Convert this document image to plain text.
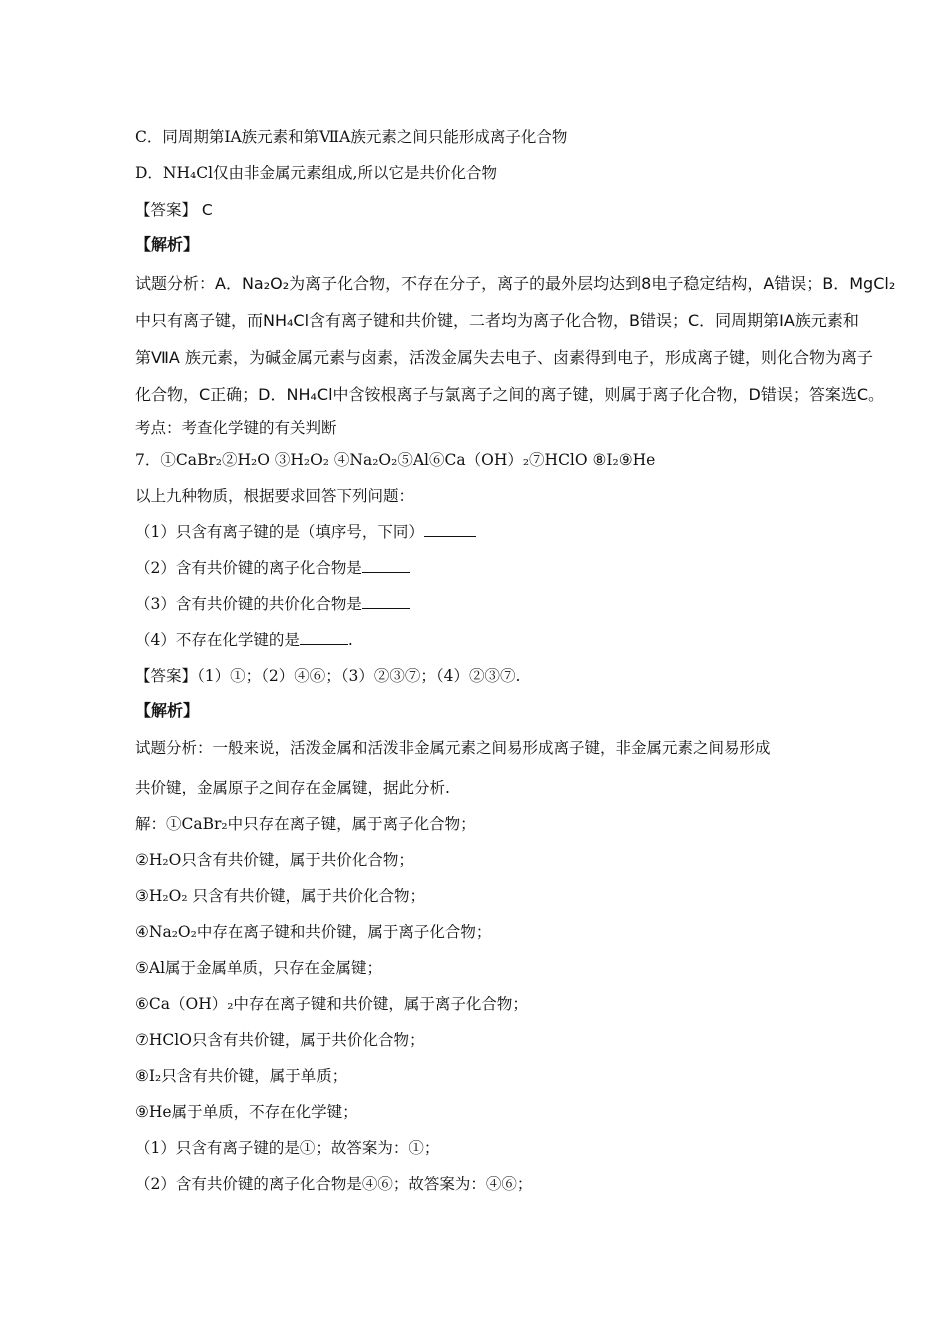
C．同周期第ⅠA族元素和第ⅦA族元素之间只能形成离子化合物
D．NH₄Cl仅由非金属元素组成,所以它是共价化合物
【答案】 C
【解析】
试题分析：A．Na₂O₂为离子化合物，不存在分子，离子的最外层均达到8电子稳定结构，A错误；B．MgCl₂
中只有离子键，而NH₄Cl含有离子键和共价键，二者均为离子化合物，B错误；C．同周期第ⅠA族元素和
第ⅦA 族元素，为碱金属元素与卤素，活泼金属失去电子、卤素得到电子，形成离子键，则化合物为离子
化合物，C正确；D．NH₄Cl中含铵根离子与氯离子之间的离子键，则属于离子化合物，D错误；答案选C。
考点：考查化学键的有关判断
7．①CaBr₂②H₂O ③H₂O₂ ④Na₂O₂⑤Al⑥Ca（OH）₂⑦HClO ⑧I₂⑨He
以上九种物质，根据要求回答下列问题：
（1）只含有离子键的是（填序号，下同）
（2）含有共价键的离子化合物是
（3）含有共价键的共价化合物是
（4）不存在化学键的是	.
【答案】（1）①；（2）④⑥；（3）②③⑦；（4）②③⑦.
【解析】
试题分析：一般来说，活泼金属和活泼非金属元素之间易形成离子键，非金属元素之间易形成
共价键，金属原子之间存在金属键，据此分析.
解：①CaBr₂中只存在离子键，属于离子化合物；
②H₂O只含有共价键，属于共价化合物；
③H₂O₂ 只含有共价键，属于共价化合物；
④Na₂O₂中存在离子键和共价键，属于离子化合物；
⑤Al属于金属单质，只存在金属键；
⑥Ca（OH）₂中存在离子键和共价键，属于离子化合物；
⑦HClO只含有共价键，属于共价化合物；
⑧I₂只含有共价键，属于单质；
⑨He属于单质，不存在化学键；
（1）只含有离子键的是①；故答案为：①；
（2）含有共价键的离子化合物是④⑥；故答案为：④⑥；
